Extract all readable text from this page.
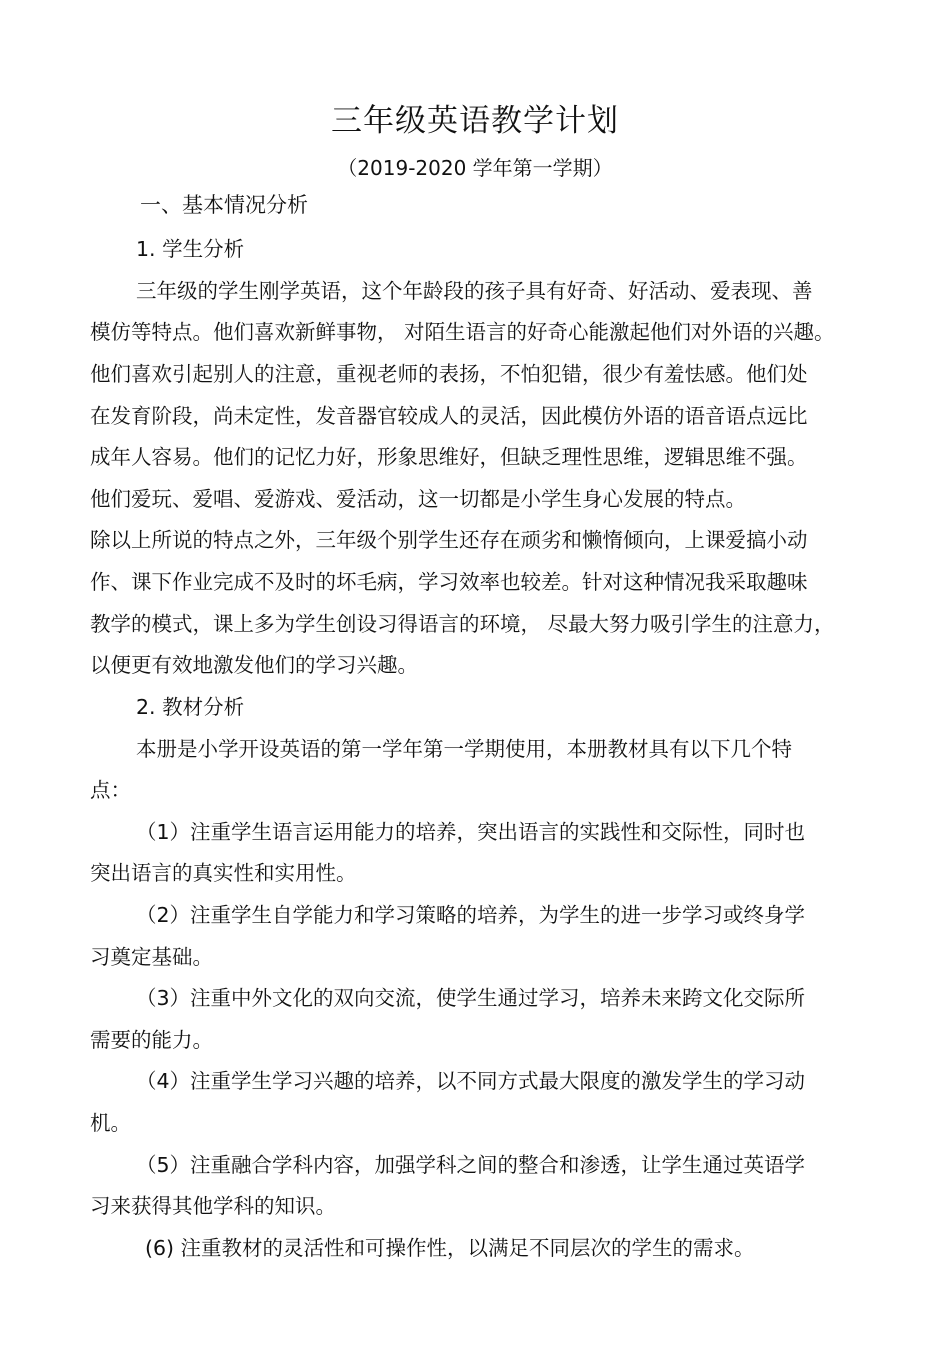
三年级英语教学计划
（2019-2020 学年第一学期）
一、基本情况分析
1. 学生分析
三年级的学生刚学英语，这个年龄段的孩子具有好奇、好活动、爱表现、善
模仿等特点。他们喜欢新鲜事物， 对陌生语言的好奇心能激起他们对外语的兴趣。
他们喜欢引起别人的注意，重视老师的表扬，不怕犯错，很少有羞怯感。他们处
在发育阶段，尚未定性，发音器官较成人的灵活，因此模仿外语的语音语点远比
成年人容易。他们的记忆力好，形象思维好，但缺乏理性思维，逻辑思维不强。
他们爱玩、爱唱、爱游戏、爱活动，这一切都是小学生身心发展的特点。
除以上所说的特点之外，三年级个别学生还存在顽劣和懒惰倾向，上课爱搞小动
作、课下作业完成不及时的坏毛病，学习效率也较差。针对这种情况我采取趣味
教学的模式，课上多为学生创设习得语言的环境， 尽最大努力吸引学生的注意力，
以便更有效地激发他们的学习兴趣。
2. 教材分析
本册是小学开设英语的第一学年第一学期使用，本册教材具有以下几个特
点：
（1）注重学生语言运用能力的培养，突出语言的实践性和交际性，同时也
突出语言的真实性和实用性。
（2）注重学生自学能力和学习策略的培养，为学生的进一步学习或终身学
习奠定基础。
（3）注重中外文化的双向交流，使学生通过学习，培养未来跨文化交际所
需要的能力。
（4）注重学生学习兴趣的培养，以不同方式最大限度的激发学生的学习动
机。
（5）注重融合学科内容，加强学科之间的整合和渗透，让学生通过英语学
习来获得其他学科的知识。
(6) 注重教材的灵活性和可操作性，以满足不同层次的学生的需求。
